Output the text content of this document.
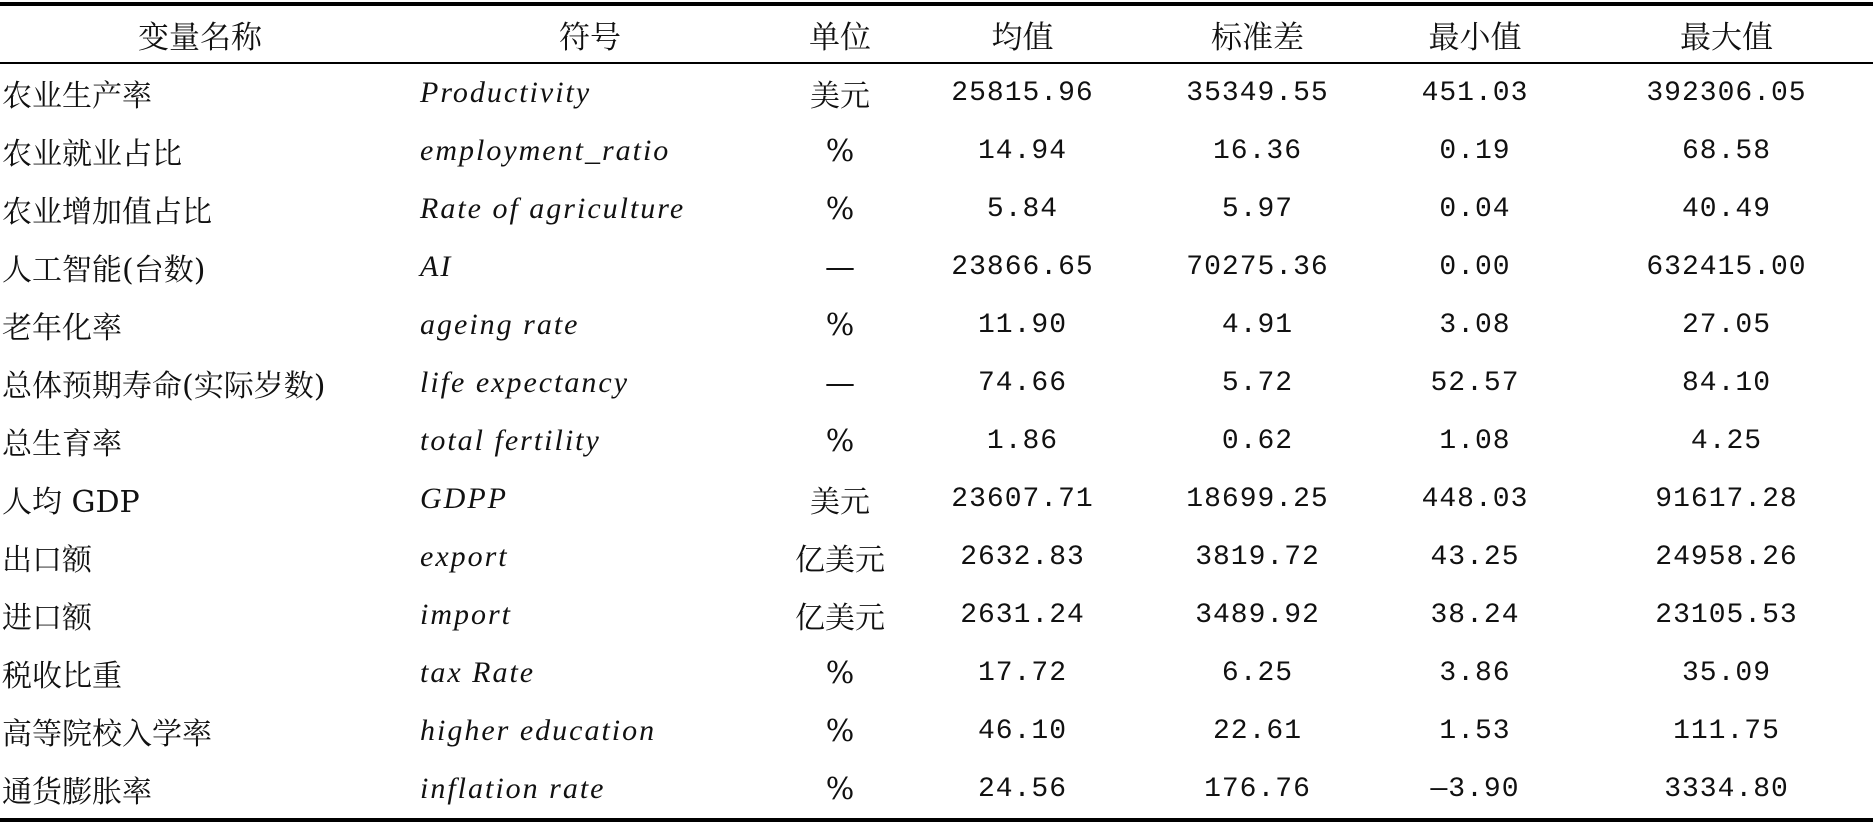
变量名称	符号	单位	均值	标准差	最小值	最大值
农业生产率	Productivity	美元	25815.96	35349.55	451.03	392306.05
农业就业占比	employment_ratio	%	14.94	16.36	0.19	68.58
农业增加值占比	Rate of agriculture	%	5.84	5.97	0.04	40.49
人工智能(台数)	AI	—	23866.65	70275.36	0.00	632415.00
老年化率	ageing rate	%	11.90	4.91	3.08	27.05
总体预期寿命(实际岁数)	life expectancy	—	74.66	5.72	52.57	84.10
总生育率	total fertility	%	1.86	0.62	1.08	4.25
人均 GDP	GDPP	美元	23607.71	18699.25	448.03	91617.28
出口额	export	亿美元	2632.83	3819.72	43.25	24958.26
进口额	import	亿美元	2631.24	3489.92	38.24	23105.53
税收比重	tax Rate	%	17.72	6.25	3.86	35.09
高等院校入学率	higher education	%	46.10	22.61	1.53	111.75
通货膨胀率	inflation rate	%	24.56	176.76	—3.90	3334.80
